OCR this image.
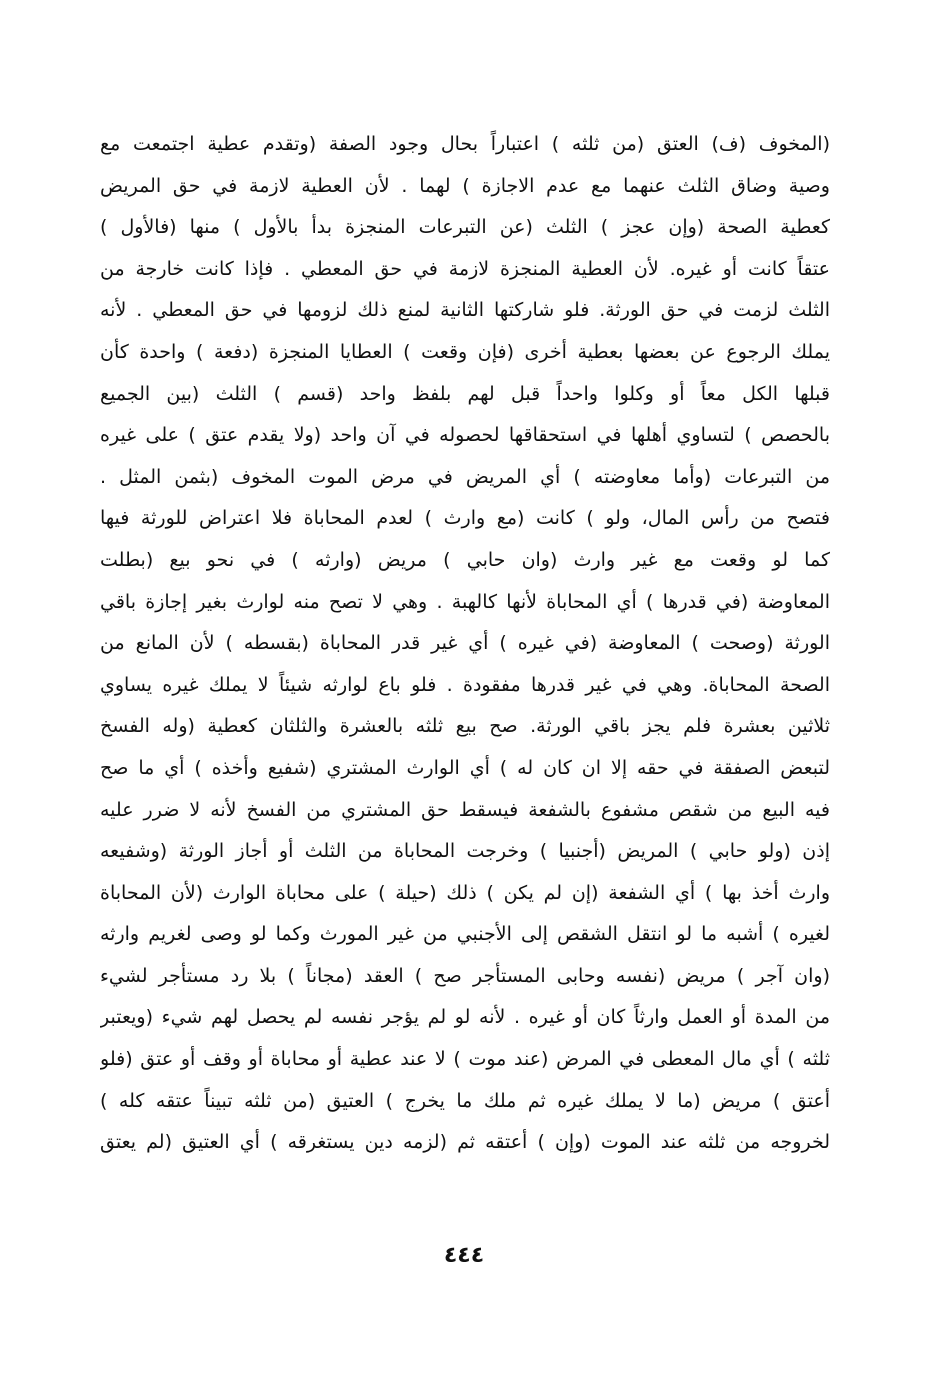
(المخوف (ف) العتق (من ثلثه ) اعتباراً بحال وجود الصفة (وتقدم عطية اجتمعت مع
وصية وضاق الثلث عنهما مع عدم الاجازة ) لهما . لأن العطية لازمة في حق المريض
كعطية الصحة (وإن عجز ) الثلث (عن التبرعات المنجزة بدأ بالأول ) منها (فالأول )
عتقاً كانت أو غيره. لأن العطية المنجزة لازمة في حق المعطي . فإذا كانت خارجة من
الثلث لزمت في حق الورثة. فلو شاركتها الثانية لمنع ذلك لزومها في حق المعطي . لأنه
يملك الرجوع عن بعضها بعطية أخرى (فإن وقعت ) العطايا المنجزة (دفعة ) واحدة كأن
قبلها الكل معاً أو وكلوا واحداً قبل لهم بلفظ واحد (قسم ) الثلث (بين الجميع
بالحصص ) لتساوي أهلها في استحقاقها لحصوله في آن واحد (ولا يقدم عتق ) على غيره
من التبرعات (وأما معاوضته ) أي المريض في مرض الموت المخوف (بثمن المثل .
فتصح من رأس المال، ولو ) كانت (مع وارث ) لعدم المحاباة فلا اعتراض للورثة فيها
كما لو وقعت مع غير وارث (وان حابي ) مريض (وارثه ) في نحو بيع (بطلت
المعاوضة (في قدرها ) أي المحاباة لأنها كالهبة . وهي لا تصح منه لوارث بغير إجازة باقي
الورثة (وصحت ) المعاوضة (في غيره ) أي غير قدر المحاباة (بقسطه ) لأن المانع من
الصحة المحاباة. وهي في غير قدرها مفقودة . فلو باع لوارثه شيئاً لا يملك غيره يساوي
ثلاثين بعشرة فلم يجز باقي الورثة. صح بيع ثلثه بالعشرة والثلثان كعطية (وله الفسخ
لتبعض الصفقة في حقه إلا ان كان له ) أي الوارث المشتري (شفيع وأخذه ) أي ما صح
فيه البيع من شقص مشفوع بالشفعة فيسقط حق المشتري من الفسخ لأنه لا ضرر عليه
إذن (ولو حابي ) المريض (أجنبيا ) وخرجت المحاباة من الثلث أو أجاز الورثة (وشفيعه
وارث أخذ بها ) أي الشفعة (إن لم يكن ) ذلك (حيلة ) على محاباة الوارث (لأن المحاباة
لغيره ) أشبه ما لو انتقل الشقص إلى الأجنبي من غير المورث وكما لو وصى لغريم وارثه
(وان آجر ) مريض (نفسه وحابى المستأجر صح ) العقد (مجاناً ) بلا رد مستأجر لشيء
من المدة أو العمل وارثاً كان أو غيره . لأنه لو لم يؤجر نفسه لم يحصل لهم شيء (ويعتبر
ثلثه ) أي مال المعطى في المرض (عند موت ) لا عند عطية أو محاباة أو وقف أو عتق (فلو
أعتق ) مريض (ما لا يملك غيره ثم ملك ما يخرج ) العتيق (من ثلثه تبيناً عتقه كله )
لخروجه من ثلثه عند الموت (وإن ) أعتقه ثم (لزمه دين يستغرقه ) أي العتيق (لم يعتق
٤٤٤
